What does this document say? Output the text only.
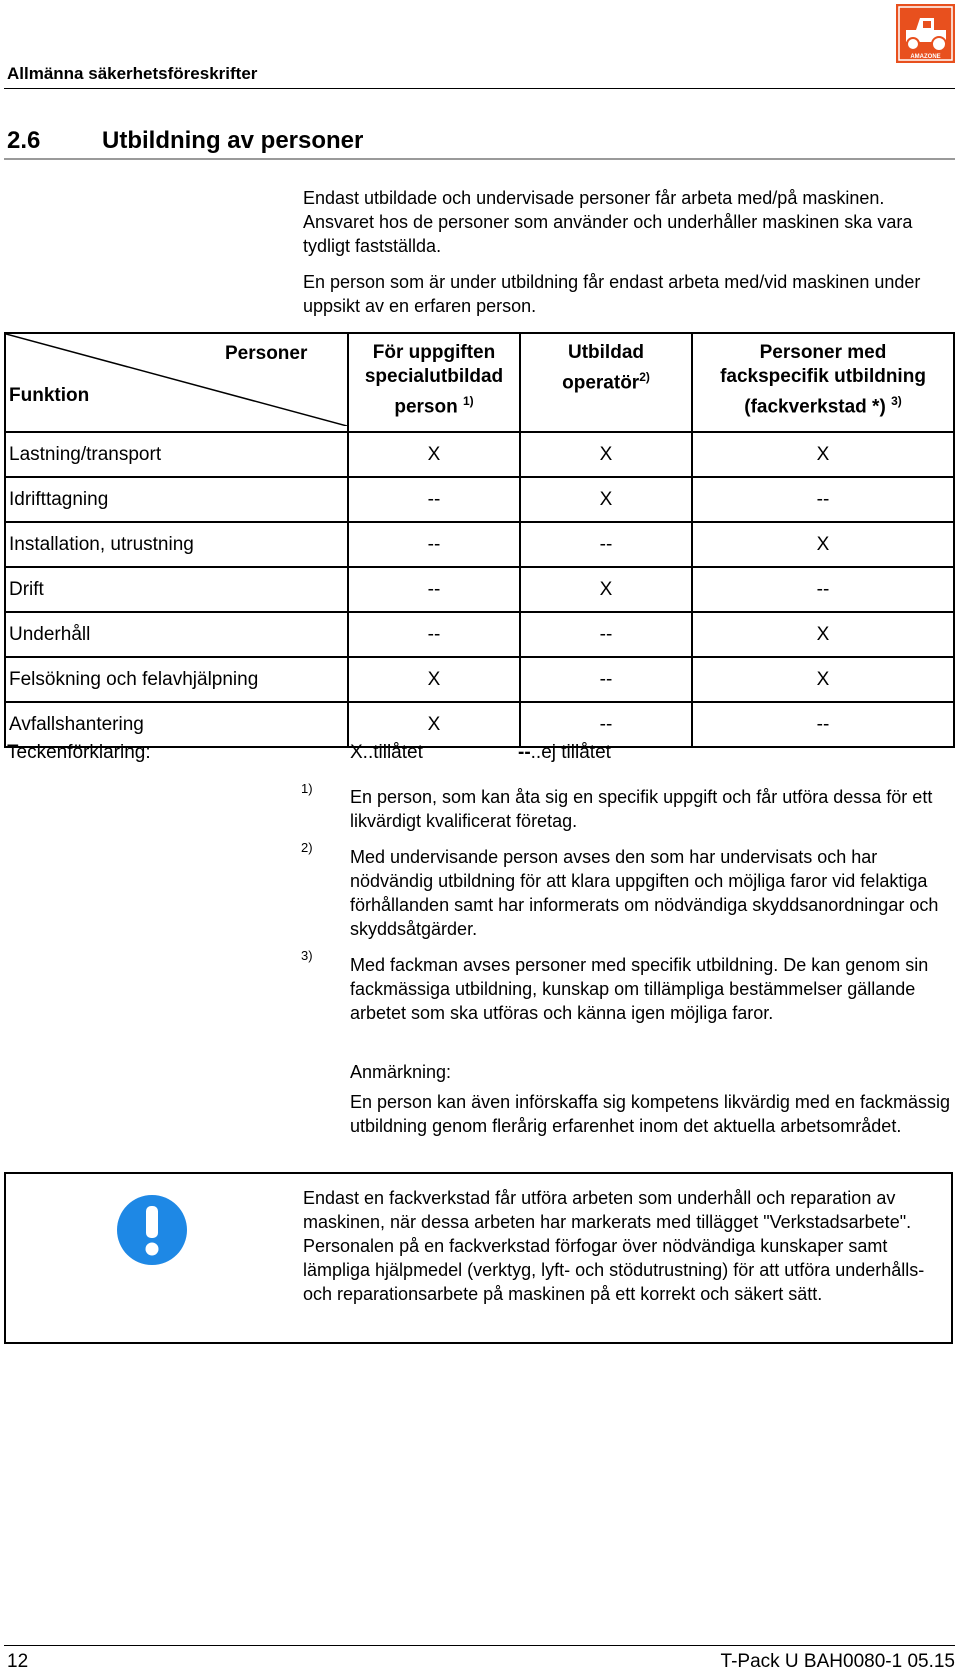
Allmänna säkerhetsföreskrifter
AMAZONE
2.6	Utbildning av personer
Endast utbildade och undervisade personer får arbeta med/på maskinen. Ansvaret hos de personer som använder och underhåller maskinen ska vara tydligt fastställda.
En person som är under utbildning får endast arbeta med/vid maskinen under uppsikt av en erfaren person.
Personer
Funktion	För uppgiften
specialutbildad
person $^{1)}$	Utbildad
operatör$^{2)}$	Personer med
fackspecifik utbildning
(fackverkstad *) $^{3)}$
Lastning/transport	X	X	X
Idrifttagning	--	X	--
Installation, utrustning	--	--	X
Drift	--	X	--
Underhåll	--	--	X
Felsökning och felavhjälpning	X	--	X
Avfallshantering	X	--	--
Teckenförklaring:	X..tillåtet	--..ej tillåtet
1) En person, som kan åta sig en specifik uppgift och får utföra dessa för ett likvärdigt kvalificerat företag.
2) Med undervisande person avses den som har undervisats och har nödvändig utbildning för att klara uppgiften och möjliga faror vid felaktiga förhållanden samt har informerats om nödvändiga skyddsanordningar och skyddsåtgärder.
3) Med fackman avses personer med specifik utbildning. De kan genom sin fackmässiga utbildning, kunskap om tillämpliga bestämmelser gällande arbetet som ska utföras och känna igen möjliga faror.
Anmärkning:
En person kan även införskaffa sig kompetens likvärdig med en fackmässig utbildning genom flerårig erfarenhet inom det aktuella arbetsområdet.
Endast en fackverkstad får utföra arbeten som underhåll och reparation av maskinen, när dessa arbeten har markerats med tillägget "Verkstadsarbete". Personalen på en fackverkstad förfogar över nödvändiga kunskaper samt lämpliga hjälpmedel (verktyg, lyft- och stödutrustning) för att utföra underhålls- och reparationsarbete på maskinen på ett korrekt och säkert sätt.
12	T-Pack U BAH0080-1 05.15
